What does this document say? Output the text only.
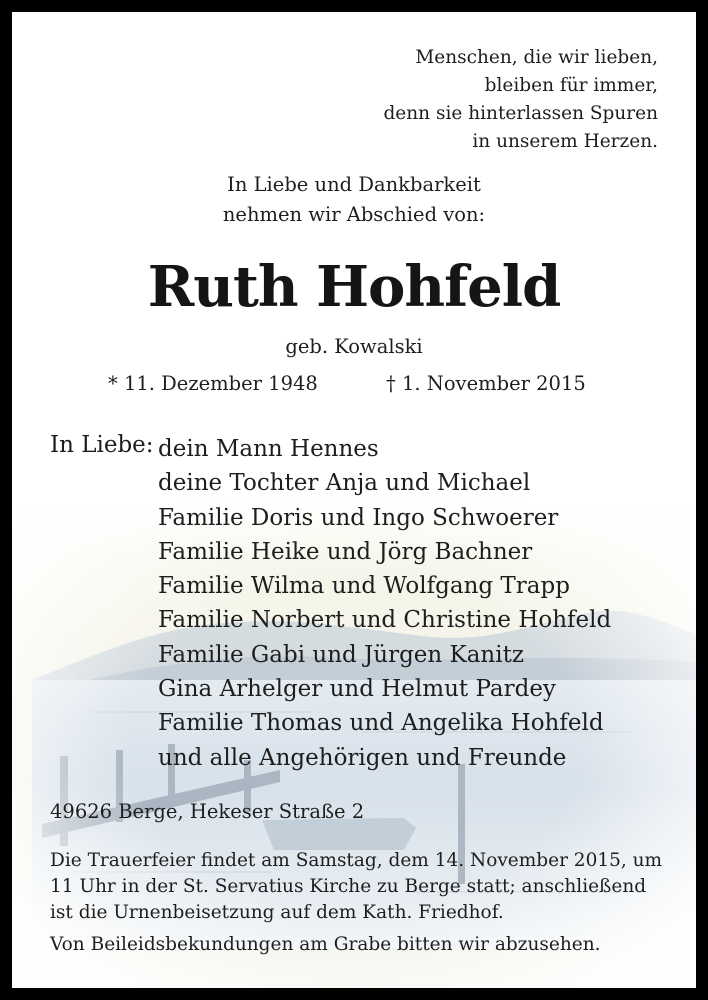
Menschen, die wir lieben,
bleiben für immer,
denn sie hinterlassen Spuren
in unserem Herzen.
In Liebe und Dankbarkeit
nehmen wir Abschied von:
Ruth Hohfeld
geb. Kowalski
* 11. Dezember 1948	† 1. November 2015
In Liebe: dein Mann Hennes
deine Tochter Anja und Michael
Familie Doris und Ingo Schwoerer
Familie Heike und Jörg Bachner
Familie Wilma und Wolfgang Trapp
Familie Norbert und Christine Hohfeld
Familie Gabi und Jürgen Kanitz
Gina Arhelger und Helmut Pardey
Familie Thomas und Angelika Hohfeld
und alle Angehörigen und Freunde
49626 Berge, Hekeser Straße 2
Die Trauerfeier findet am Samstag, dem 14. November 2015, um
11 Uhr in der St. Servatius Kirche zu Berge statt; anschließend
ist die Urnenbeisetzung auf dem Kath. Friedhof.
Von Beileidsbekundungen am Grabe bitten wir abzusehen.
